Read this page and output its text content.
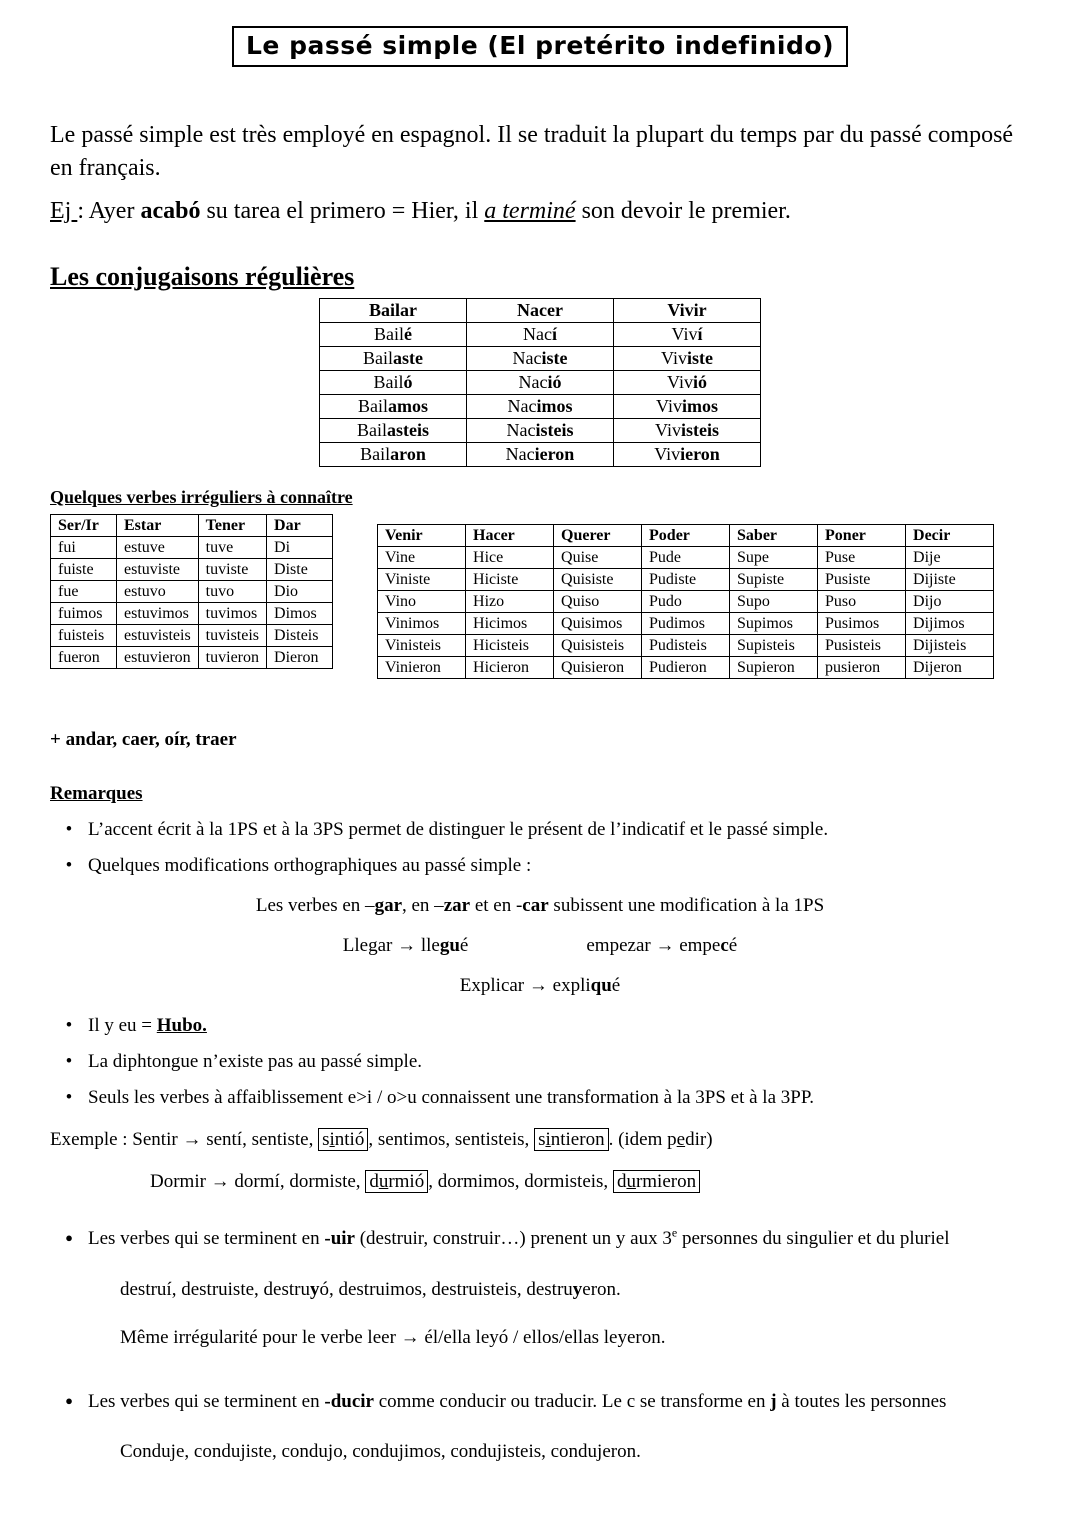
Le passé simple (El pretérito indefinido)

Le passé simple est très employé en espagnol. Il se traduit la plupart du temps par du passé composé en français.

Ej : Ayer acabó su tarea el primero = Hier, il a terminé son devoir le premier.

Les conjugaisons régulières
Bailar	Nacer	Vivir
Bailé	Nací	Viví
Bailaste	Naciste	Viviste
Bailó	Nació	Vivió
Bailamos	Nacimos	Vivimos
Bailasteis	Nacisteis	Vivisteis
Bailaron	Nacieron	Vivieron
Quelques verbes irréguliers à connaître
Ser/Ir	Estar	Tener	Dar
fui	estuve	tuve	Di
fuiste	estuviste	tuviste	Diste
fue	estuvo	tuvo	Dio
fuimos	estuvimos	tuvimos	Dimos
fuisteis	estuvisteis	tuvisteis	Disteis
fueron	estuvieron	tuvieron	Dieron
Venir	Hacer	Querer	Poder	Saber	Poner	Decir
Vine	Hice	Quise	Pude	Supe	Puse	Dije
Viniste	Hiciste	Quisiste	Pudiste	Supiste	Pusiste	Dijiste
Vino	Hizo	Quiso	Pudo	Supo	Puso	Dijo
Vinimos	Hicimos	Quisimos	Pudimos	Supimos	Pusimos	Dijimos
Vinisteis	Hicisteis	Quisisteis	Pudisteis	Supisteis	Pusisteis	Dijisteis
Vinieron	Hicieron	Quisieron	Pudieron	Supieron	pusieron	Dijeron

+ andar, caer, oír, traer

Remarques
•
L’accent écrit à la 1PS et à la 3PS permet de distinguer le présent de l’indicatif et le passé simple.
•
Quelques modifications orthographiques au passé simple :
Les verbes en –gar, en –zar et en -car subissent une modification à la 1PS
Llegar → llegué	empezar → empecé
Explicar → expliqué
•
Il y eu = Hubo.
•
La diphtongue n’existe pas au passé simple.
•
Seuls les verbes à affaiblissement e>i / o>u connaissent une transformation à la 3PS et à la 3PP.

Exemple : Sentir → sentí, sentiste, sintió , sentimos, sentisteis, sintieron . (idem pedir)

Dormir → dormí, dormiste, durmió , dormimos, dormisteis, durmieron

●
Les verbes qui se terminent en -uir (destruir, construir…) prenent un y aux 3e personnes du singulier et du pluriel

destruí, destruiste, destruyó, destruimos, destruisteis, destruyeron.

Même irrégularité pour le verbe leer → él/ella leyó / ellos/ellas leyeron.

●
Les verbes qui se terminent en -ducir comme conducir ou traducir. Le c se transforme en j à toutes les personnes

Conduje, condujiste, condujo, condujimos, condujisteis, condujeron.
